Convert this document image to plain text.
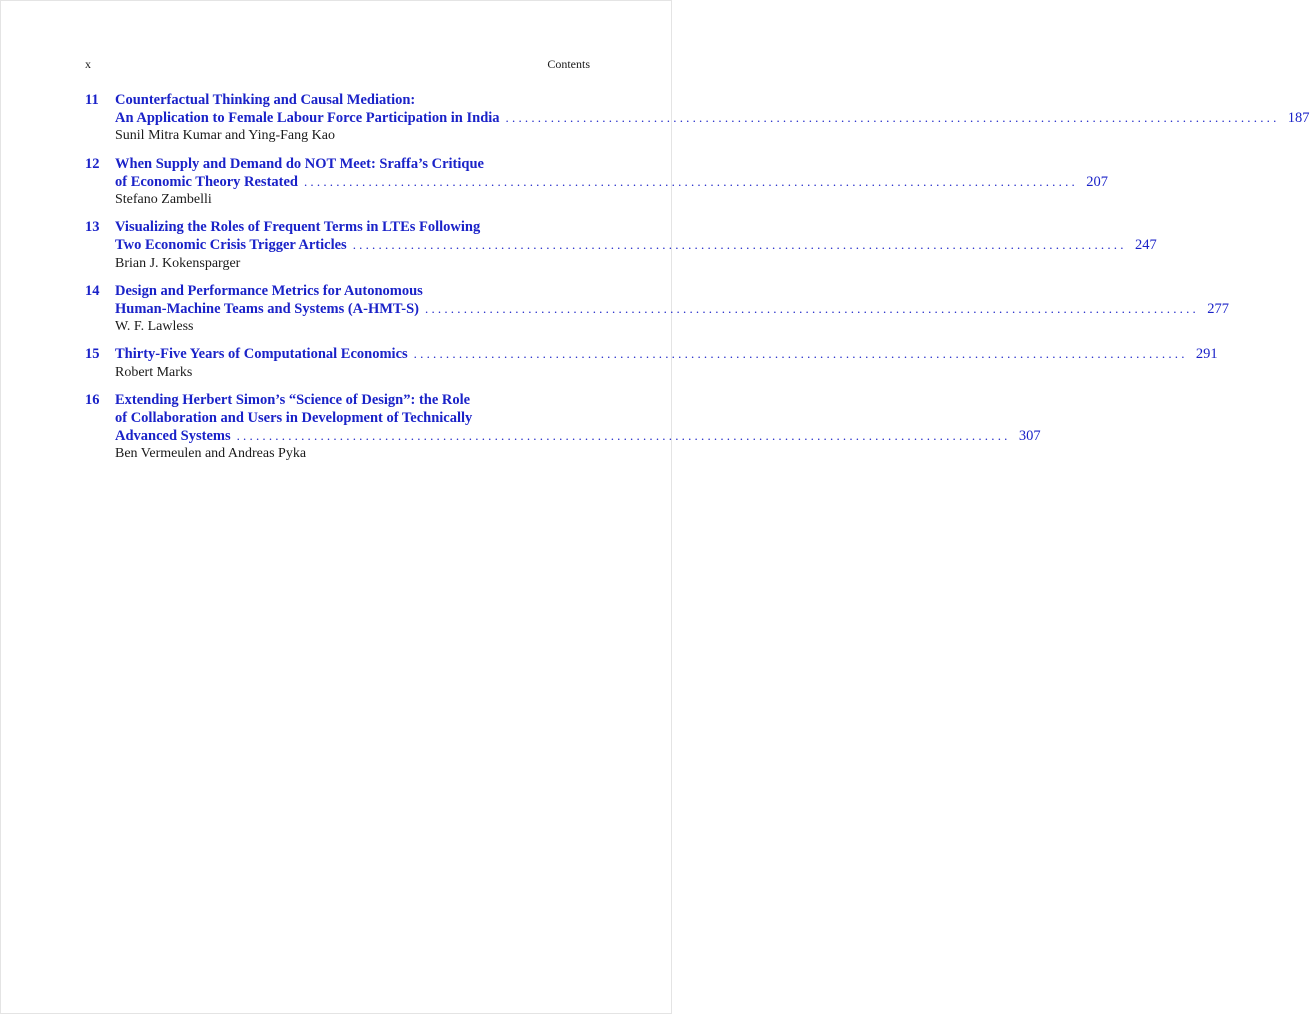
x	Contents
11 Counterfactual Thinking and Causal Mediation:
An Application to Female Labour Force Participation in India ........................................................................................................................ 187
Sunil Mitra Kumar and Ying-Fang Kao
12 When Supply and Demand do NOT Meet: Sraffa’s Critique
of Economic Theory Restated ........................................................................................................................ 207
Stefano Zambelli
13 Visualizing the Roles of Frequent Terms in LTEs Following
Two Economic Crisis Trigger Articles ........................................................................................................................ 247
Brian J. Kokensparger
14 Design and Performance Metrics for Autonomous
Human-Machine Teams and Systems (A-HMT-S) ........................................................................................................................ 277
W. F. Lawless
15 Thirty-Five Years of Computational Economics ........................................................................................................................ 291
Robert Marks
16 Extending Herbert Simon’s “Science of Design”: the Role
of Collaboration and Users in Development of Technically
Advanced Systems ........................................................................................................................ 307
Ben Vermeulen and Andreas Pyka
